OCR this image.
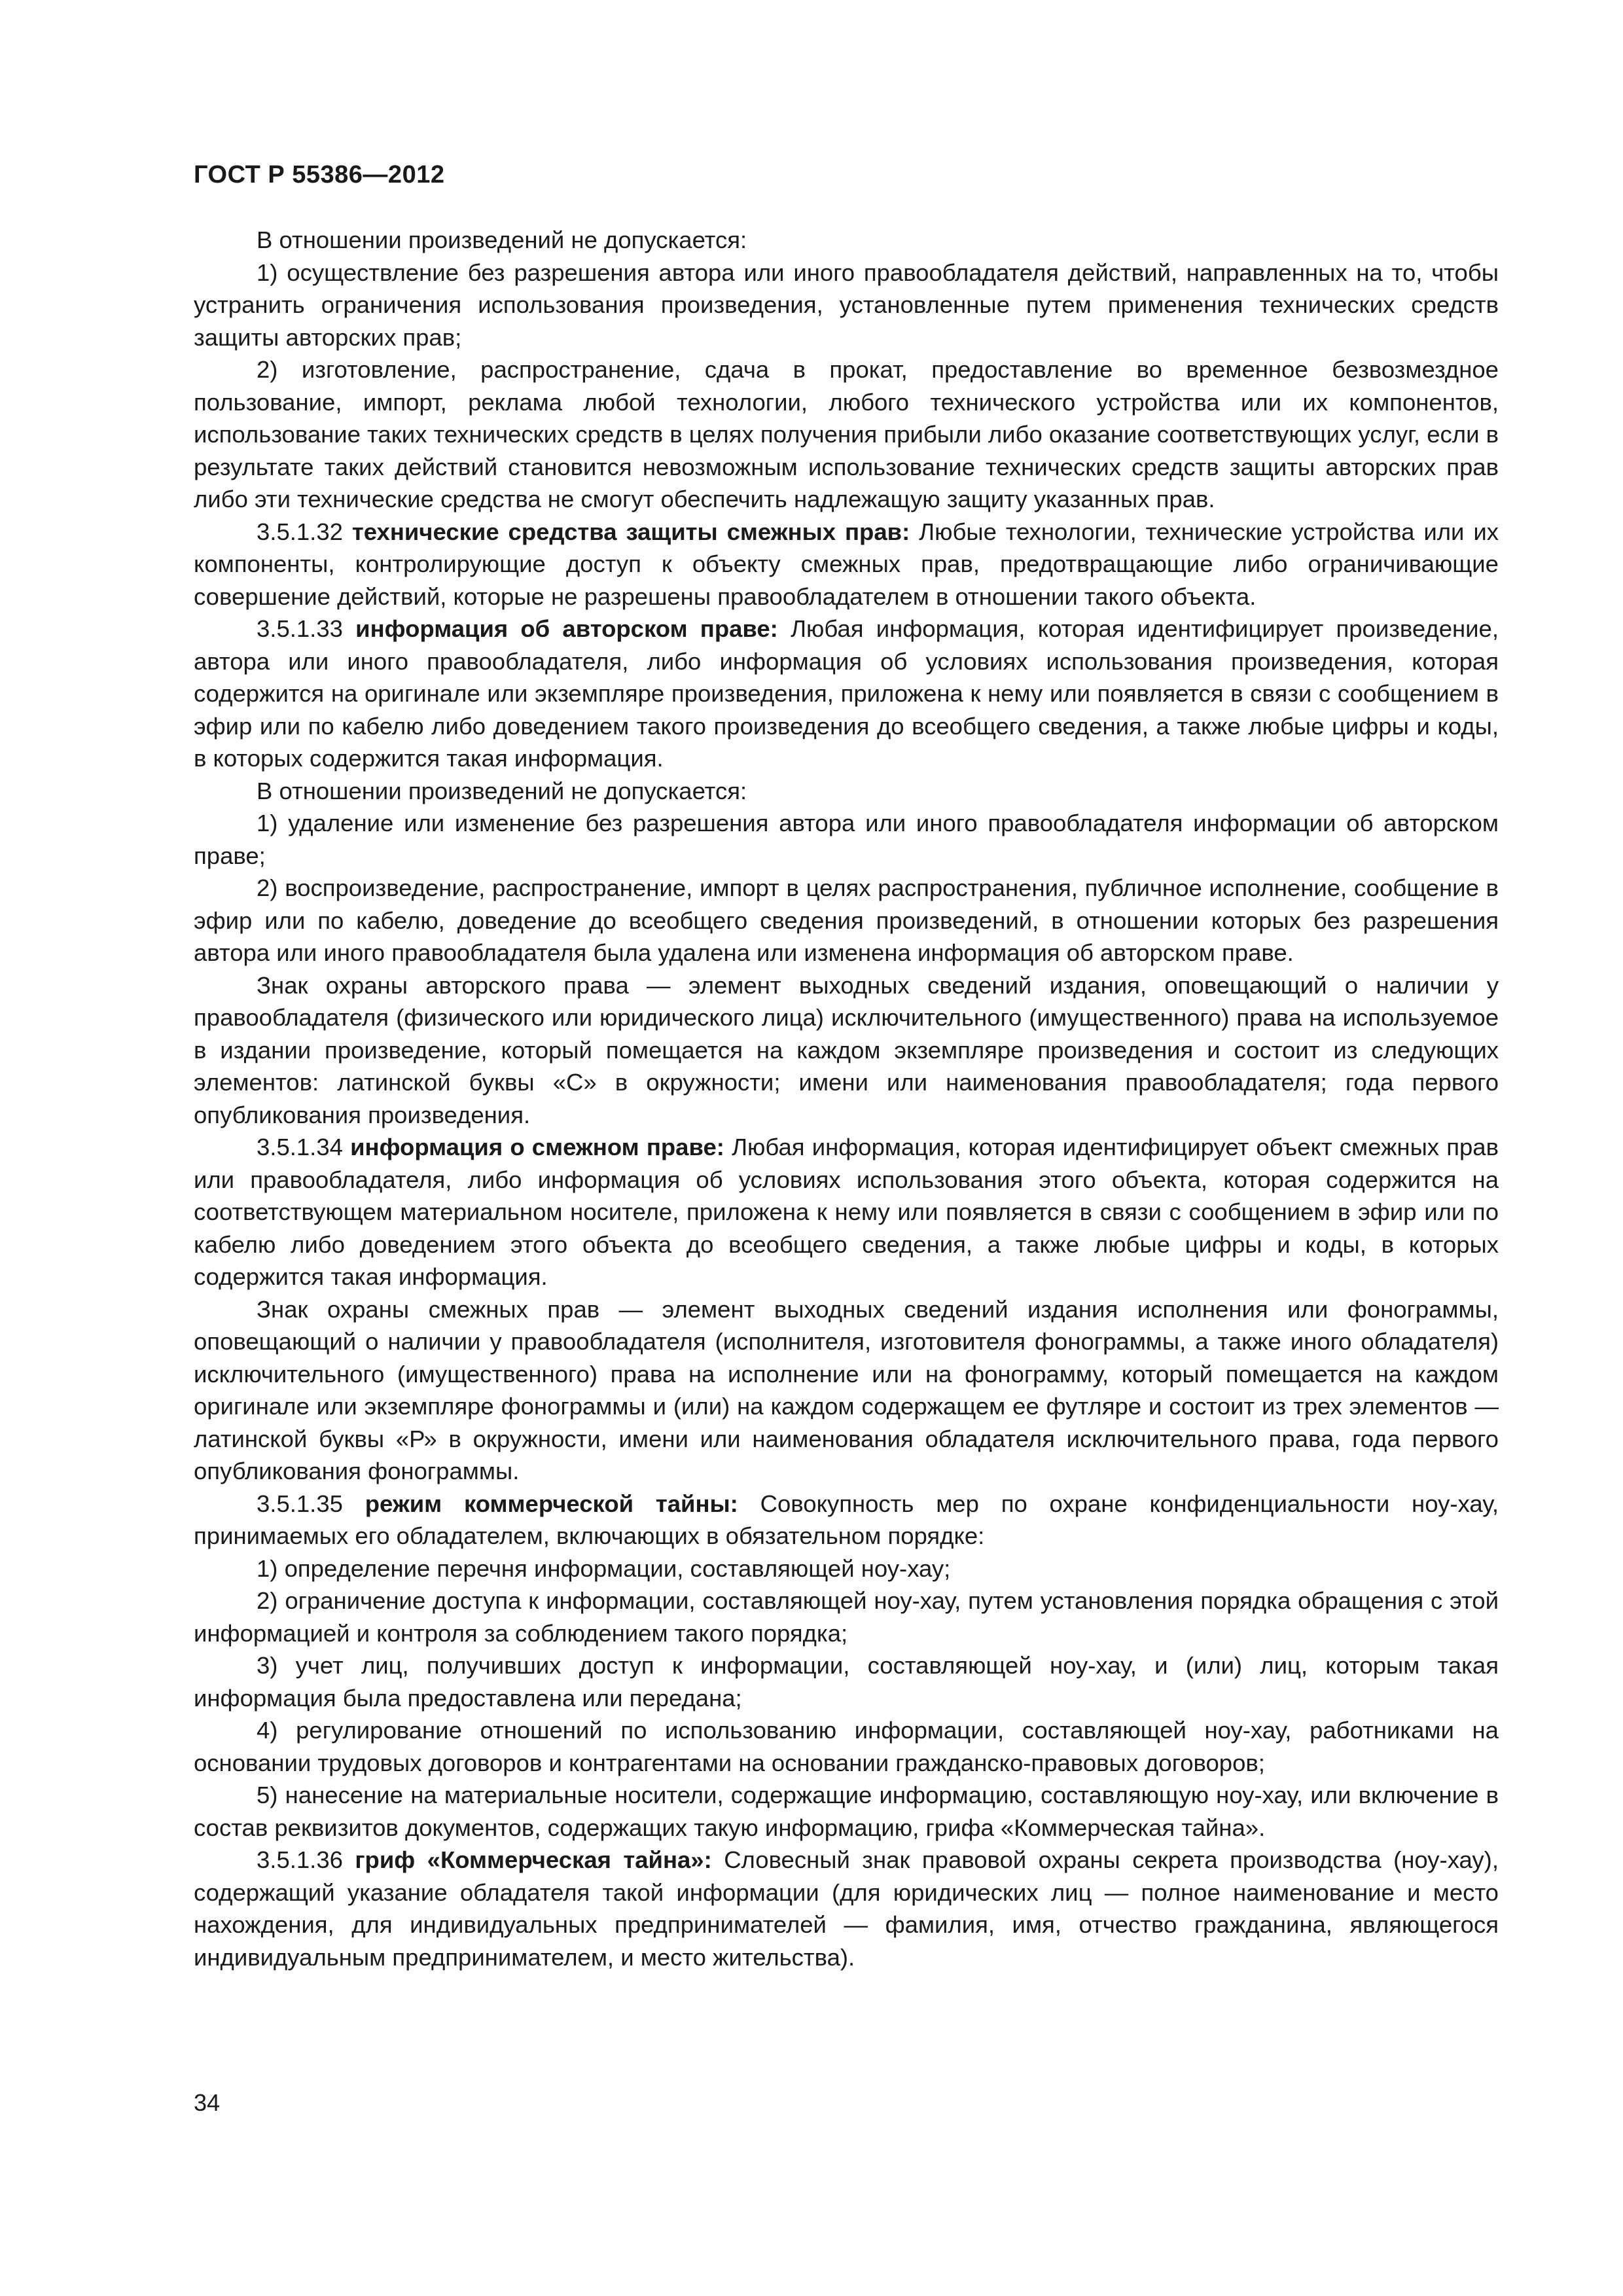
ГОСТ Р 55386—2012

В отношении произведений не допускается:

1) осуществление без разрешения автора или иного правообладателя действий, направленных на то, чтобы устранить ограничения использования произведения, установленные путем применения технических средств защиты авторских прав;

2) изготовление, распространение, сдача в прокат, предоставление во временное безвозмездное пользование, импорт, реклама любой технологии, любого технического устройства или их компонентов, использование таких технических средств в целях получения прибыли либо оказание соответствующих услуг, если в результате таких действий становится невозможным использование технических средств защиты авторских прав либо эти технические средства не смогут обеспечить надлежащую защиту указанных прав.

3.5.1.32 технические средства защиты смежных прав: Любые технологии, технические устройства или их компоненты, контролирующие доступ к объекту смежных прав, предотвращающие либо ограничивающие совершение действий, которые не разрешены правообладателем в отношении такого объекта.

3.5.1.33 информация об авторском праве: Любая информация, которая идентифицирует произведение, автора или иного правообладателя, либо информация об условиях использования произведения, которая содержится на оригинале или экземпляре произведения, приложена к нему или появляется в связи с сообщением в эфир или по кабелю либо доведением такого произведения до всеобщего сведения, а также любые цифры и коды, в которых содержится такая информация.

В отношении произведений не допускается:

1) удаление или изменение без разрешения автора или иного правообладателя информации об авторском праве;

2) воспроизведение, распространение, импорт в целях распространения, публичное исполнение, сообщение в эфир или по кабелю, доведение до всеобщего сведения произведений, в отношении которых без разрешения автора или иного правообладателя была удалена или изменена информация об авторском праве.

Знак охраны авторского права — элемент выходных сведений издания, оповещающий о наличии у правообладателя (физического или юридического лица) исключительного (имущественного) права на используемое в издании произведение, который помещается на каждом экземпляре произведения и состоит из следующих элементов: латинской буквы «С» в окружности; имени или наименования правообладателя; года первого опубликования произведения.

3.5.1.34 информация о смежном праве: Любая информация, которая идентифицирует объект смежных прав или правообладателя, либо информация об условиях использования этого объекта, которая содержится на соответствующем материальном носителе, приложена к нему или появляется в связи с сообщением в эфир или по кабелю либо доведением этого объекта до всеобщего сведения, а также любые цифры и коды, в которых содержится такая информация.

Знак охраны смежных прав — элемент выходных сведений издания исполнения или фонограммы, оповещающий о наличии у правообладателя (исполнителя, изготовителя фонограммы, а также иного обладателя) исключительного (имущественного) права на исполнение или на фонограмму, который помещается на каждом оригинале или экземпляре фонограммы и (или) на каждом содержащем ее футляре и состоит из трех элементов — латинской буквы «Р» в окружности, имени или наименования обладателя исключительного права, года первого опубликования фонограммы.

3.5.1.35 режим коммерческой тайны: Совокупность мер по охране конфиденциальности ноу-хау, принимаемых его обладателем, включающих в обязательном порядке:

1) определение перечня информации, составляющей ноу-хау;

2) ограничение доступа к информации, составляющей ноу-хау, путем установления порядка обращения с этой информацией и контроля за соблюдением такого порядка;

3) учет лиц, получивших доступ к информации, составляющей ноу-хау, и (или) лиц, которым такая информация была предоставлена или передана;

4) регулирование отношений по использованию информации, составляющей ноу-хау, работниками на основании трудовых договоров и контрагентами на основании гражданско-правовых договоров;

5) нанесение на материальные носители, содержащие информацию, составляющую ноу-хау, или включение в состав реквизитов документов, содержащих такую информацию, грифа «Коммерческая тайна».

3.5.1.36 гриф «Коммерческая тайна»: Словесный знак правовой охраны секрета производства (ноу-хау), содержащий указание обладателя такой информации (для юридических лиц — полное наименование и место нахождения, для индивидуальных предпринимателей — фамилия, имя, отчество гражданина, являющегося индивидуальным предпринимателем, и место жительства).

34
